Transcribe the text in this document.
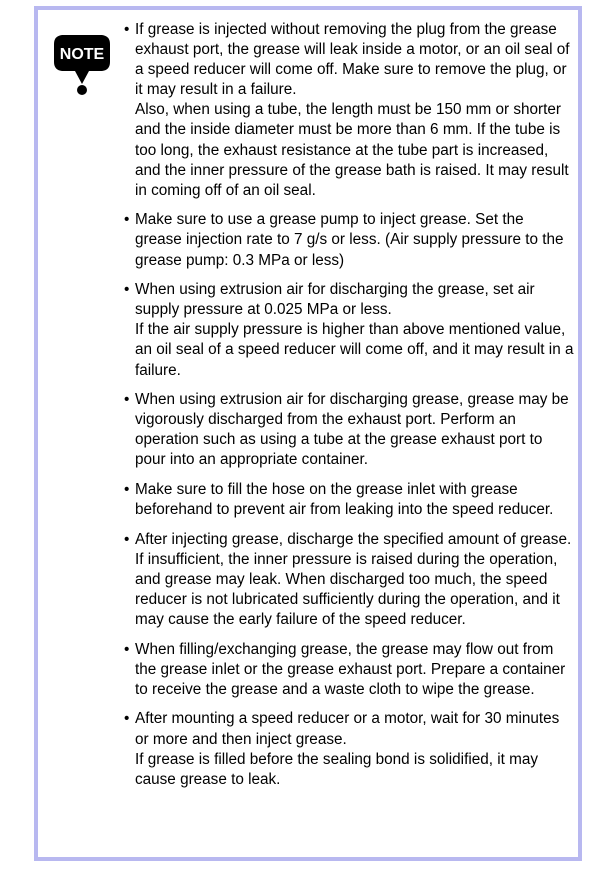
NOTE
• If grease is injected without removing the plug from the grease exhaust port, the grease will leak inside a motor, or an oil seal of a speed reducer will come off. Make sure to remove the plug, or it may result in a failure.
Also, when using a tube, the length must be 150 mm or shorter and the inside diameter must be more than 6 mm. If the tube is too long, the exhaust resistance at the tube part is increased, and the inner pressure of the grease bath is raised. It may result in coming off of an oil seal.
• Make sure to use a grease pump to inject grease. Set the grease injection rate to 7 g/s or less. (Air supply pressure to the grease pump: 0.3 MPa or less)
• When using extrusion air for discharging the grease, set air supply pressure at 0.025 MPa or less.
If the air supply pressure is higher than above mentioned value, an oil seal of a speed reducer will come off, and it may result in a failure.
• When using extrusion air for discharging grease, grease may be vigorously discharged from the exhaust port. Perform an operation such as using a tube at the grease exhaust port to pour into an appropriate container.
• Make sure to fill the hose on the grease inlet with grease beforehand to prevent air from leaking into the speed reducer.
• After injecting grease, discharge the specified amount of grease. If insufficient, the inner pressure is raised during the operation, and grease may leak. When discharged too much, the speed reducer is not lubricated sufficiently during the operation, and it may cause the early failure of the speed reducer.
• When filling/exchanging grease, the grease may flow out from the grease inlet or the grease exhaust port. Prepare a container to receive the grease and a waste cloth to wipe the grease.
• After mounting a speed reducer or a motor, wait for 30 minutes or more and then inject grease.
If grease is filled before the sealing bond is solidified, it may cause grease to leak.
